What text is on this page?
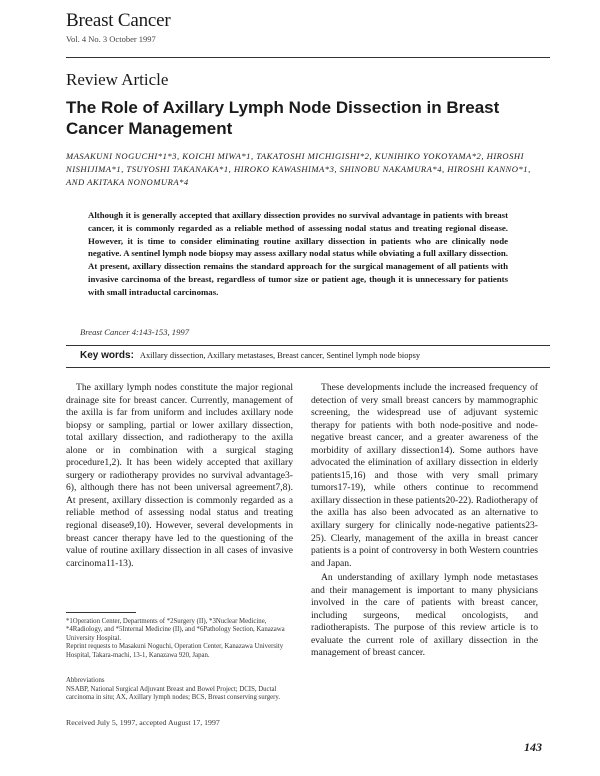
Breast Cancer
Vol. 4 No. 3 October 1997
Review Article
The Role of Axillary Lymph Node Dissection in Breast Cancer Management
MASAKUNI NOGUCHI*1*3, KOICHI MIWA*1, TAKATOSHI MICHIGISHI*2, KUNIHIKO YOKOYAMA*2, HIROSHI NISHIJIMA*1, TSUYOSHI TAKANAKA*1, HIROKO KAWASHIMA*3, SHINOBU NAKAMURA*4, HIROSHI KANNO*1, AND AKITAKA NONOMURA*4
Although it is generally accepted that axillary dissection provides no survival advantage in patients with breast cancer, it is commonly regarded as a reliable method of assessing nodal status and treating regional disease. However, it is time to consider eliminating routine axillary dissection in patients who are clinically node negative. A sentinel lymph node biopsy may assess axillary nodal status while obviating a full axillary dissection. At present, axillary dissection remains the standard approach for the surgical management of all patients with invasive carcinoma of the breast, regardless of tumor size or patient age, though it is unnecessary for patients with small intraductal carcinomas.
Breast Cancer 4:143-153, 1997
Key words: Axillary dissection, Axillary metastases, Breast cancer, Sentinel lymph node biopsy

The axillary lymph nodes constitute the major regional drainage site for breast cancer. Currently, management of the axilla is far from uniform and includes axillary node biopsy or sampling, partial or lower axillary dissection, total axillary dissection, and radiotherapy to the axilla alone or in combination with a surgical staging procedure1,2). It has been widely accepted that axillary surgery or radiotherapy provides no survival advantage3-6), although there has not been universal agreement7,8). At present, axillary dissection is commonly regarded as a reliable method of assessing nodal status and treating regional disease9,10). However, several developments in breast cancer therapy have led to the questioning of the value of routine axillary dissection in all cases of invasive carcinoma11-13).

These developments include the increased frequency of detection of very small breast cancers by mammographic screening, the widespread use of adjuvant systemic therapy for patients with both node-positive and node-negative breast cancer, and a greater awareness of the morbidity of axillary dissection14). Some authors have advocated the elimination of axillary dissection in elderly patients15,16) and those with very small primary tumors17-19), while others continue to recommend axillary dissection in these patients20-22). Radiotherapy of the axilla has also been advocated as an alternative to axillary surgery for clinically node-negative patients23-25). Clearly, management of the axilla in breast cancer patients is a point of controversy in both Western countries and Japan.

An understanding of axillary lymph node metastases and their management is important to many physicians involved in the care of patients with breast cancer, including surgeons, medical oncologists, and radiotherapists. The purpose of this review article is to evaluate the current role of axillary dissection in the management of breast cancer.

*1Operation Center, Departments of *2Surgery (II), *3Nuclear Medicine, *4Radiology, and *5Internal Medicine (II), and *6Pathology Section, Kanazawa University Hospital.
Reprint requests to Masakuni Noguchi, Operation Center, Kanazawa University Hospital, Takara-machi, 13-1, Kanazawa 920, Japan.
Abbreviations
NSABP, National Surgical Adjuvant Breast and Bowel Project; DCIS, Ductal carcinoma in situ; AX, Axillary lymph nodes; BCS, Breast conserving surgery.
Received July 5, 1997, accepted August 17, 1997
143
